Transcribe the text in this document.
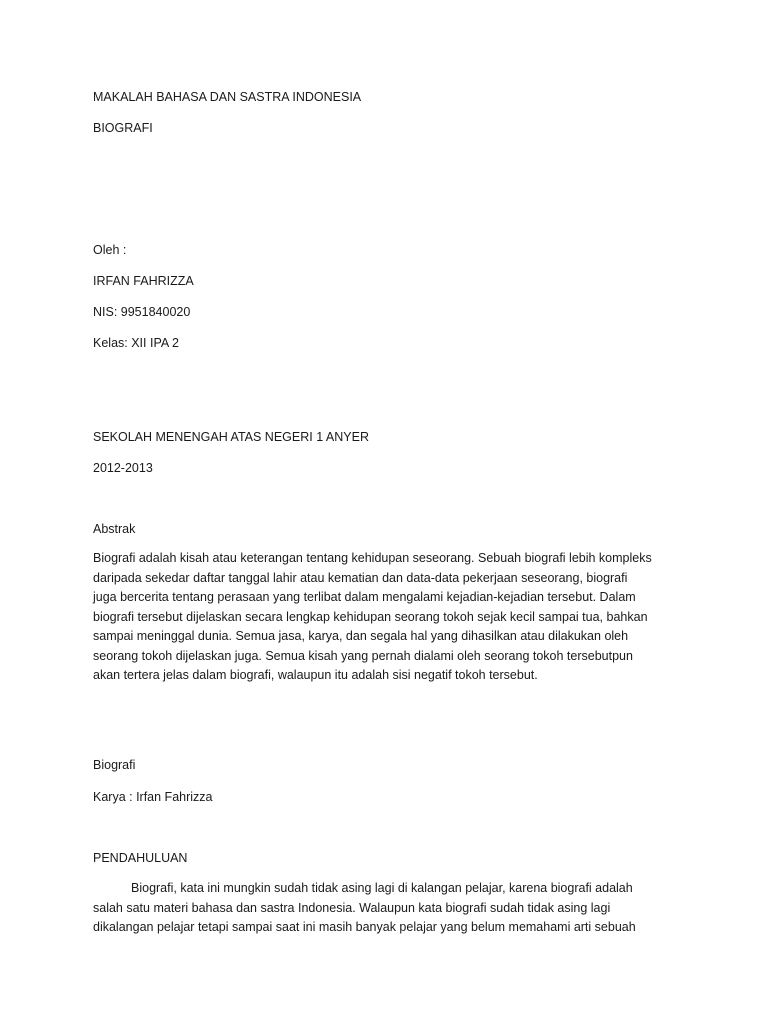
MAKALAH BAHASA DAN SASTRA INDONESIA
BIOGRAFI
Oleh :
IRFAN FAHRIZZA
NIS: 9951840020
Kelas: XII IPA 2
SEKOLAH MENENGAH ATAS NEGERI 1 ANYER
2012-2013
Abstrak
Biografi adalah kisah atau keterangan tentang kehidupan seseorang. Sebuah biografi lebih kompleks
daripada sekedar daftar tanggal lahir atau kematian dan data-data pekerjaan seseorang, biografi
juga bercerita tentang perasaan yang terlibat dalam mengalami kejadian-kejadian tersebut. Dalam
biografi tersebut dijelaskan secara lengkap kehidupan seorang tokoh sejak kecil sampai tua, bahkan
sampai meninggal dunia. Semua jasa, karya, dan segala hal yang dihasilkan atau dilakukan oleh
seorang tokoh dijelaskan juga. Semua kisah yang pernah dialami oleh seorang tokoh tersebutpun
akan tertera jelas dalam biografi, walaupun itu adalah sisi negatif tokoh tersebut.
Biografi
Karya : Irfan Fahrizza
PENDAHULUAN
Biografi, kata ini mungkin sudah tidak asing lagi di kalangan pelajar, karena biografi adalah
salah satu materi bahasa dan sastra Indonesia. Walaupun kata biografi sudah tidak asing lagi
dikalangan pelajar tetapi sampai saat ini masih banyak pelajar yang belum memahami arti sebuah
